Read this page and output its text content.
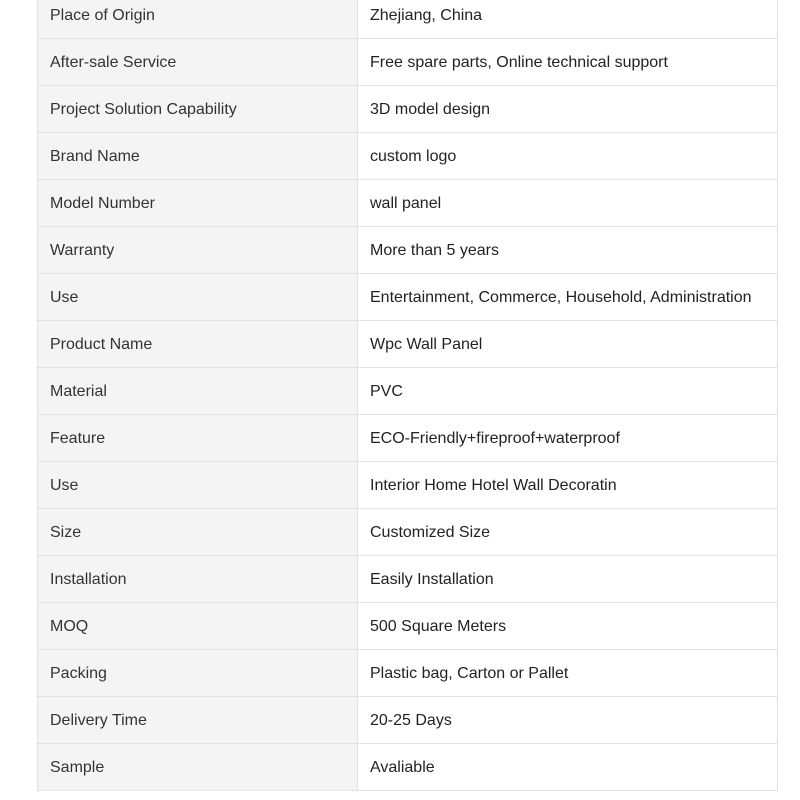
Place of Origin	Zhejiang, China

After-sale Service	Free spare parts, Online technical support

Project Solution Capability	3D model design

Brand Name	custom logo

Model Number	wall panel

Warranty	More than 5 years

Use	Entertainment, Commerce, Household, Administration

Product Name	Wpc Wall Panel

Material	PVC

Feature	ECO-Friendly+fireproof+waterproof

Use	Interior Home Hotel Wall Decoratin

Size	Customized Size

Installation	Easily Installation

MOQ	500 Square Meters

Packing	Plastic bag, Carton or Pallet

Delivery Time	20-25 Days

Sample	Avaliable
